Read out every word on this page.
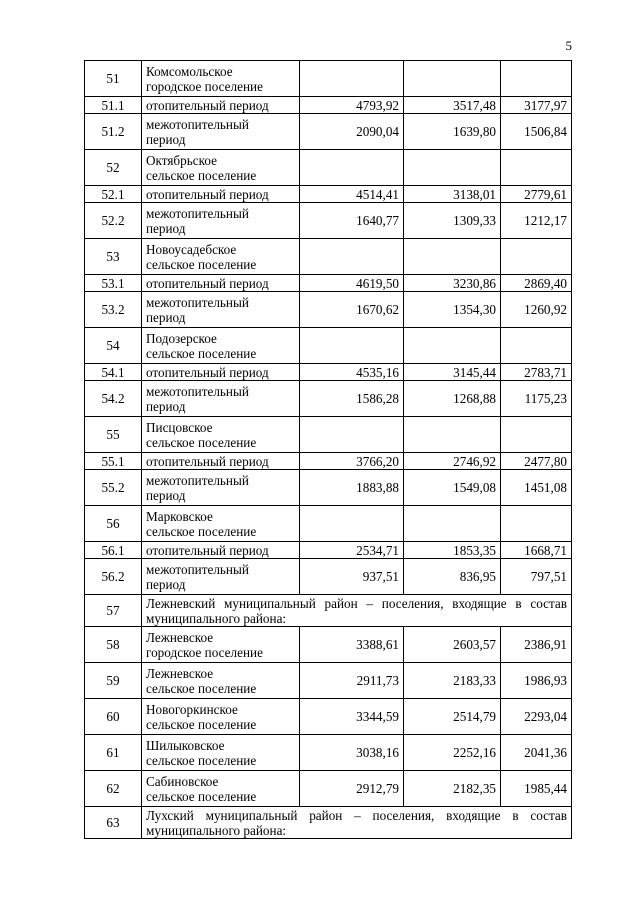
5
51	Комсомольское
городское поселение			
51.1	отопительный период	4793,92	3517,48	3177,97
51.2	межотопительный
период	2090,04	1639,80	1506,84
52	Октябрьское
сельское поселение			
52.1	отопительный период	4514,41	3138,01	2779,61
52.2	межотопительный
период	1640,77	1309,33	1212,17
53	Новоусадебское
сельское поселение			
53.1	отопительный период	4619,50	3230,86	2869,40
53.2	межотопительный
период	1670,62	1354,30	1260,92
54	Подозерское
сельское поселение			
54.1	отопительный период	4535,16	3145,44	2783,71
54.2	межотопительный
период	1586,28	1268,88	1175,23
55	Писцовское
сельское поселение			
55.1	отопительный период	3766,20	2746,92	2477,80
55.2	межотопительный
период	1883,88	1549,08	1451,08
56	Марковское
сельское поселение			
56.1	отопительный период	2534,71	1853,35	1668,71
56.2	межотопительный
период	937,51	836,95	797,51
57	Лежневский муниципальный район – поселения, входящие в состав муниципального района:			
58	Лежневское
городское поселение	3388,61	2603,57	2386,91
59	Лежневское
сельское поселение	2911,73	2183,33	1986,93
60	Новогоркинское
сельское поселение	3344,59	2514,79	2293,04
61	Шилыковское
сельское поселение	3038,16	2252,16	2041,36
62	Сабиновское
сельское поселение	2912,79	2182,35	1985,44
63	Лухский муниципальный район – поселения, входящие в состав муниципального района:			
